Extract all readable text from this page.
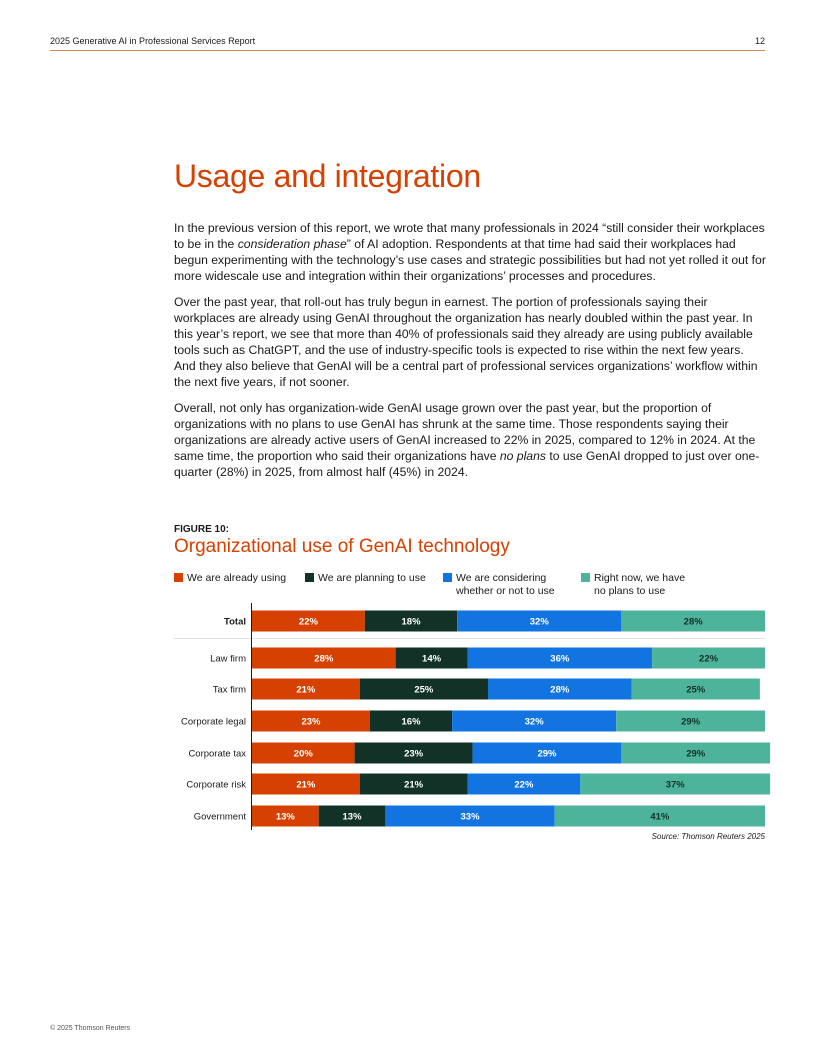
2025 Generative AI in Professional Services Report	12
Usage and integration

In the previous version of this report, we wrote that many professionals in 2024 “still consider their workplaces to be in the consideration phase” of AI adoption. Respondents at that time had said their workplaces had begun experimenting with the technology’s use cases and strategic possibilities but had not yet rolled it out for more widescale use and integration within their organizations’ processes and procedures.

Over the past year, that roll-out has truly begun in earnest. The portion of professionals saying their workplaces are already using GenAI throughout the organization has nearly doubled within the past year. In this year’s report, we see that more than 40% of professionals said they already are using publicly available tools such as ChatGPT, and the use of industry-specific tools is expected to rise within the next few years. And they also believe that GenAI will be a central part of professional services organizations’ workflow within the next five years, if not sooner.

Overall, not only has organization-wide GenAI usage grown over the past year, but the proportion of organizations with no plans to use GenAI has shrunk at the same time. Those respondents saying their organizations are already active users of GenAI increased to 22% in 2025, compared to 12% in 2024. At the same time, the proportion who said their organizations have no plans to use GenAI dropped to just over one-quarter (28%) in 2025, from almost half (45%) in 2024.

FIGURE 10:
Organizational use of GenAI technology
We are already using	We are planning to use	We are considering
whether or not to use
Right now, we have
no plans to use
Total	22%	18%	32%	28%
Law firm	28%	14%	36%	22%
Tax firm	21%	25%	28%	25%
Corporate legal	23%	16%	32%	29%
Corporate tax	20%	23%	29%	29%
Corporate risk	21%	21%	22%	37%
Government	13%	13%	33%	41%
Source: Thomson Reuters 2025
© 2025 Thomson Reuters
